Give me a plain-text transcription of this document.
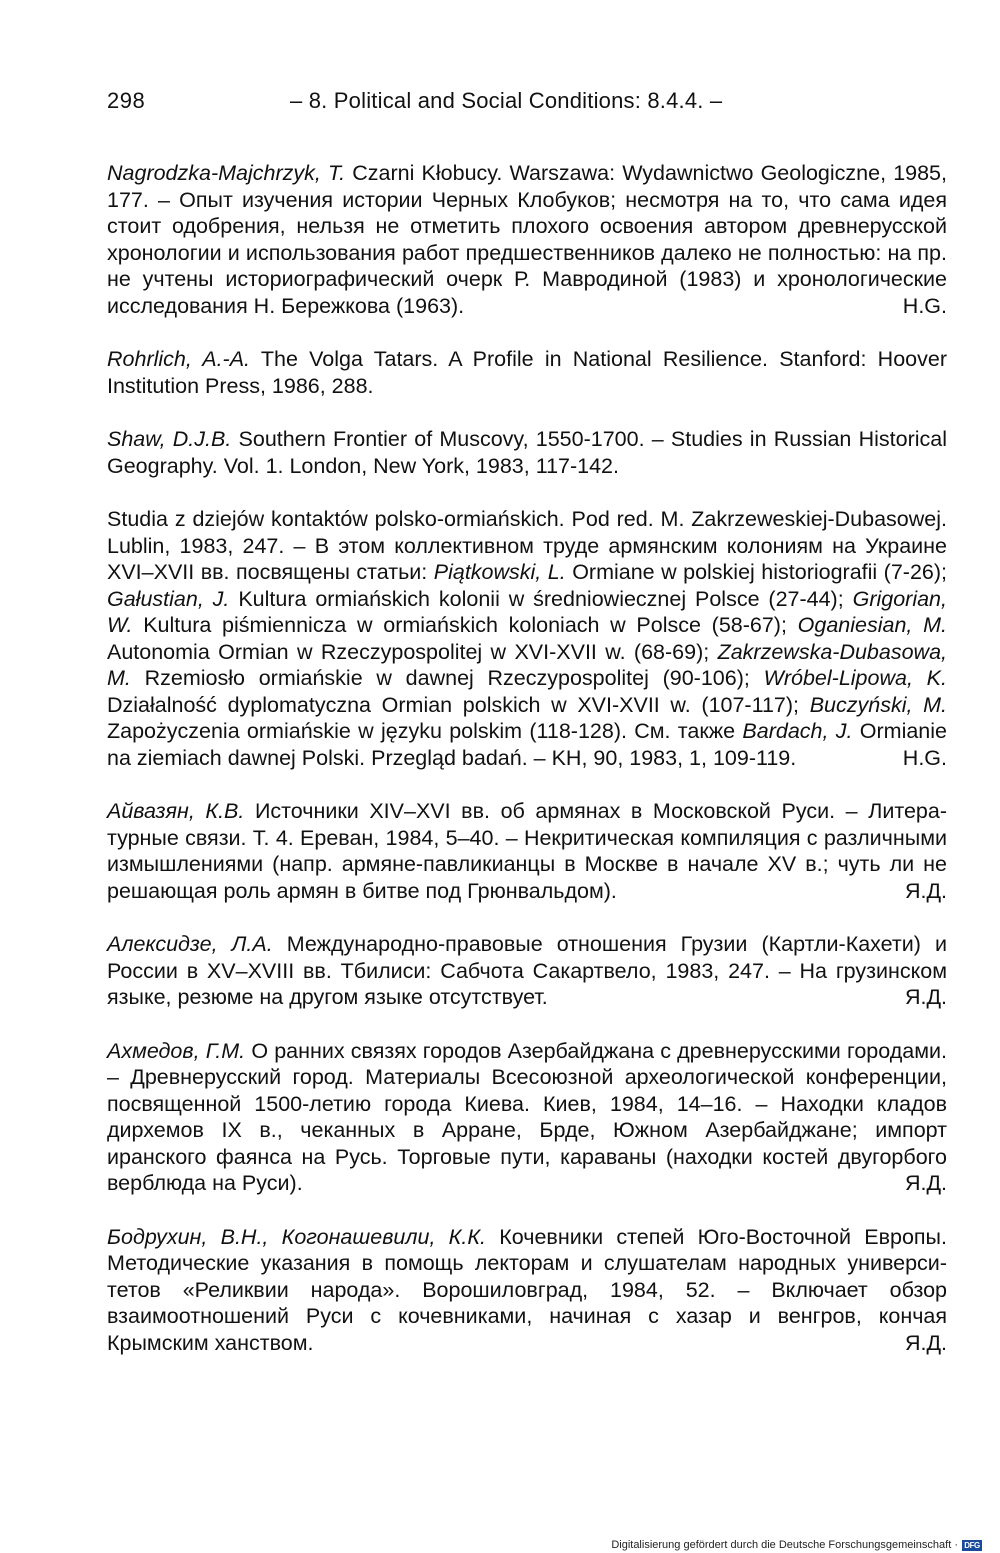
298	– 8. Political and Social Conditions: 8.4.4. –

Nagrodzka-Majchrzyk, T. Czarni Kłobucy. Warszawa: Wydawnictwo Geologiczne, 1985, 177. – Опыт изучения истории Черных Клобуков; несмотря на то, что сама идея стоит одобрения, нельзя не отметить плохого освоения автором древнерусской хронологии и использования работ предшественников далеко не полностью: на пр. не учтены историографический очерк Р. Мавродиной (1983) и хронологические исследования Н. Бережкова (1963).	H.G.

Rohrlich, A.-A. The Volga Tatars. A Profile in National Resilience. Stanford: Hoover Institution Press, 1986, 288.

Shaw, D.J.B. Southern Frontier of Muscovy, 1550-1700. – Studies in Russian Historical Geography. Vol. 1. London, New York, 1983, 117-142.

Studia z dziejów kontaktów polsko-ormiańskich. Pod red. M. Zakrzeweskiej-Dubasowej. Lublin, 1983, 247. – В этом коллективном труде армянским колониям на Украине XVI–XVII вв. посвящены статьи: Piątkowski, L. Ormiane w polskiej historiografii (7-26); Gałustian, J. Kultura ormiańskich kolonii w średniowiecznej Polsce (27-44); Grigorian, W. Kultura piśmiennicza w ormiańskich koloniach w Polsce (58-67); Oganiesian, M. Autonomia Ormian w Rzeczypospolitej w XVI-XVII w. (68-69); Zakrzewska-Dubasowa, M. Rzemiosło ormiańskie w dawnej Rzeczypospolitej (90-106); Wróbel-Lipowa, K. Działalność dyplomatyczna Ormian polskich w XVI-XVII w. (107-117); Buczyński, M. Zapożyczenia ormiańskie w języku polskim (118-128). См. также Bardach, J. Ormianie na ziemiach dawnej Polski. Przegląd badań. – KH, 90, 1983, 1, 109-119.	H.G.

Айвазян, К.В. Источники XIV–XVI вв. об армянах в Московской Руси. – Литературные связи. Т. 4. Ереван, 1984, 5–40. – Некритическая компиляция с различными измышлениями (напр. армяне-павликианцы в Москве в начале XV в.; чуть ли не решающая роль армян в битве под Грюнвальдом).	Я.Д.

Алексидзе, Л.А. Международно-правовые отношения Грузии (Картли-Кахети) и России в XV–XVIII вв. Тбилиси: Сабчота Сакартвело, 1983, 247. – На грузинском языке, резюме на другом языке отсутствует.	Я.Д.

Ахмедов, Г.М. О ранних связях городов Азербайджана с древнерусскими городами. – Древнерусский город. Материалы Всесоюзной археологической конференции, посвященной 1500-летию города Киева. Киев, 1984, 14–16. – Находки кладов дирхемов IX в., чеканных в Арране, Брде, Южном Азербайджане; импорт иранского фаянса на Русь. Торговые пути, караваны (находки костей двугорбого верблюда на Руси).	Я.Д.

Бодрухин, В.Н., Когонашевили, К.К. Кочевники степей Юго-Восточной Европы. Методические указания в помощь лекторам и слушателам народных университетов «Реликвии народа». Ворошиловград, 1984, 52. – Включает обзор взаимоотношений Руси с кочевниками, начиная с хазар и венгров, кончая Крымским ханством.	Я.Д.

Digitalisierung gefördert durch die Deutsche Forschungsgemeinschaft · DFG
